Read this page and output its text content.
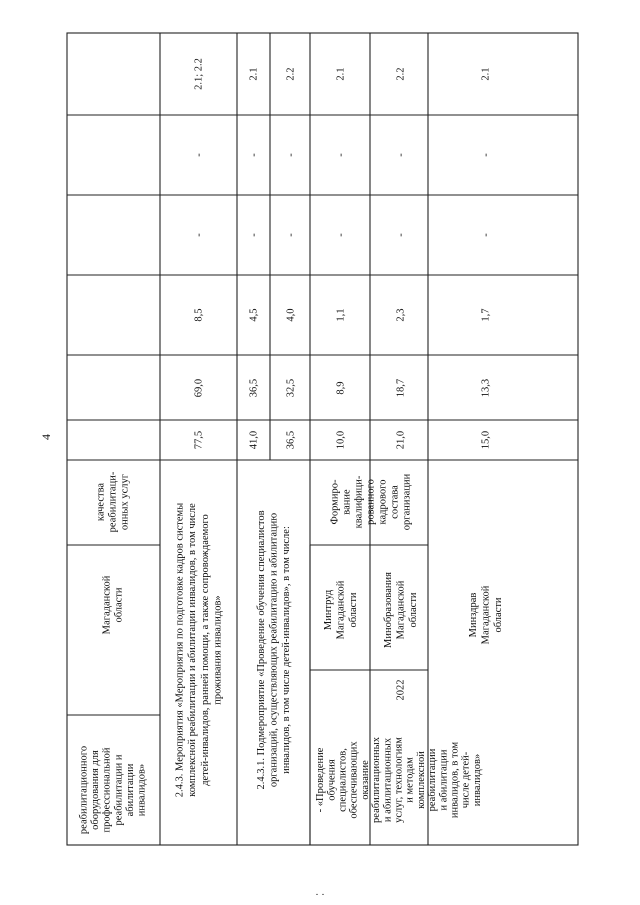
4
реабилитационногооборудования дляпрофессиональнойреабилитации иабилитацииинвалидов»
Магаданскойобласти
качествареабилитаци-онных услуг
2.4.3. Мероприятия «Мероприятия по подготовке кадров системы комплексной реабилитации и абилитации инвалидов, в том числе детей-инвалидов, ранней помощи, а также сопровождаемого проживания инвалидов»
77,5
69,0
8,5
-
-
2.1; 2.2
2.4.3.1. Подмероприятие «Проведение обучения специалистов организаций, осуществляющих реабилитацию и абилитацию инвалидов, в том числе детей-инвалидов», в том числе:
41,0
36,5
4,5
-
-
2.1
36,5
32,5
4,0
-
-
2.2
- «Проведениеобученияспециалистов,обеспечивающихоказаниереабилитационныхи абилитационныхуслуг, технологиями методамкомплекснойреабилитациии абилитацииинвалидов, в томчисле детей-инвалидов»
2022
Формиро-ваниеквалифици-рованногокадровогосоставаорганизации
Минтруд Магаданской области
10,0
8,9
1,1
-
-
2.1
Минобразования Магаданской области
21,0
18,7
2,3
-
-
2.2
Минздрав Магаданской области
15,0
13,3
1,7
-
-
2.1
· ·
